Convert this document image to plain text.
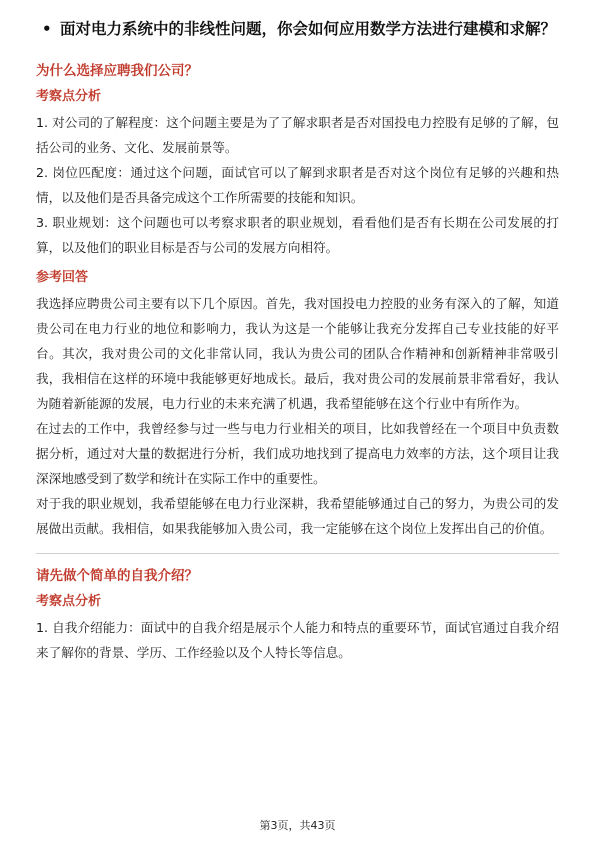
• 面对电力系统中的非线性问题，你会如何应用数学方法进行建模和求解？
为什么选择应聘我们公司？
考察点分析
1. 对公司的了解程度：这个问题主要是为了了解求职者是否对国投电力控股有足够的了解，包括公司的业务、文化、发展前景等。
2. 岗位匹配度：通过这个问题，面试官可以了解到求职者是否对这个岗位有足够的兴趣和热情，以及他们是否具备完成这个工作所需要的技能和知识。
3. 职业规划：这个问题也可以考察求职者的职业规划，看看他们是否有长期在公司发展的打算，以及他们的职业目标是否与公司的发展方向相符。
参考回答
我选择应聘贵公司主要有以下几个原因。首先，我对国投电力控股的业务有深入的了解，知道贵公司在电力行业的地位和影响力，我认为这是一个能够让我充分发挥自己专业技能的好平台。其次，我对贵公司的文化非常认同，我认为贵公司的团队合作精神和创新精神非常吸引我，我相信在这样的环境中我能够更好地成长。最后，我对贵公司的发展前景非常看好，我认为随着新能源的发展，电力行业的未来充满了机遇，我希望能够在这个行业中有所作为。
在过去的工作中，我曾经参与过一些与电力行业相关的项目，比如我曾经在一个项目中负责数据分析，通过对大量的数据进行分析，我们成功地找到了提高电力效率的方法，这个项目让我深深地感受到了数学和统计在实际工作中的重要性。
对于我的职业规划，我希望能够在电力行业深耕，我希望能够通过自己的努力，为贵公司的发展做出贡献。我相信，如果我能够加入贵公司，我一定能够在这个岗位上发挥出自己的价值。
请先做个简单的自我介绍？
考察点分析
1. 自我介绍能力：面试中的自我介绍是展示个人能力和特点的重要环节，面试官通过自我介绍来了解你的背景、学历、工作经验以及个人特长等信息。
第3页，共43页
